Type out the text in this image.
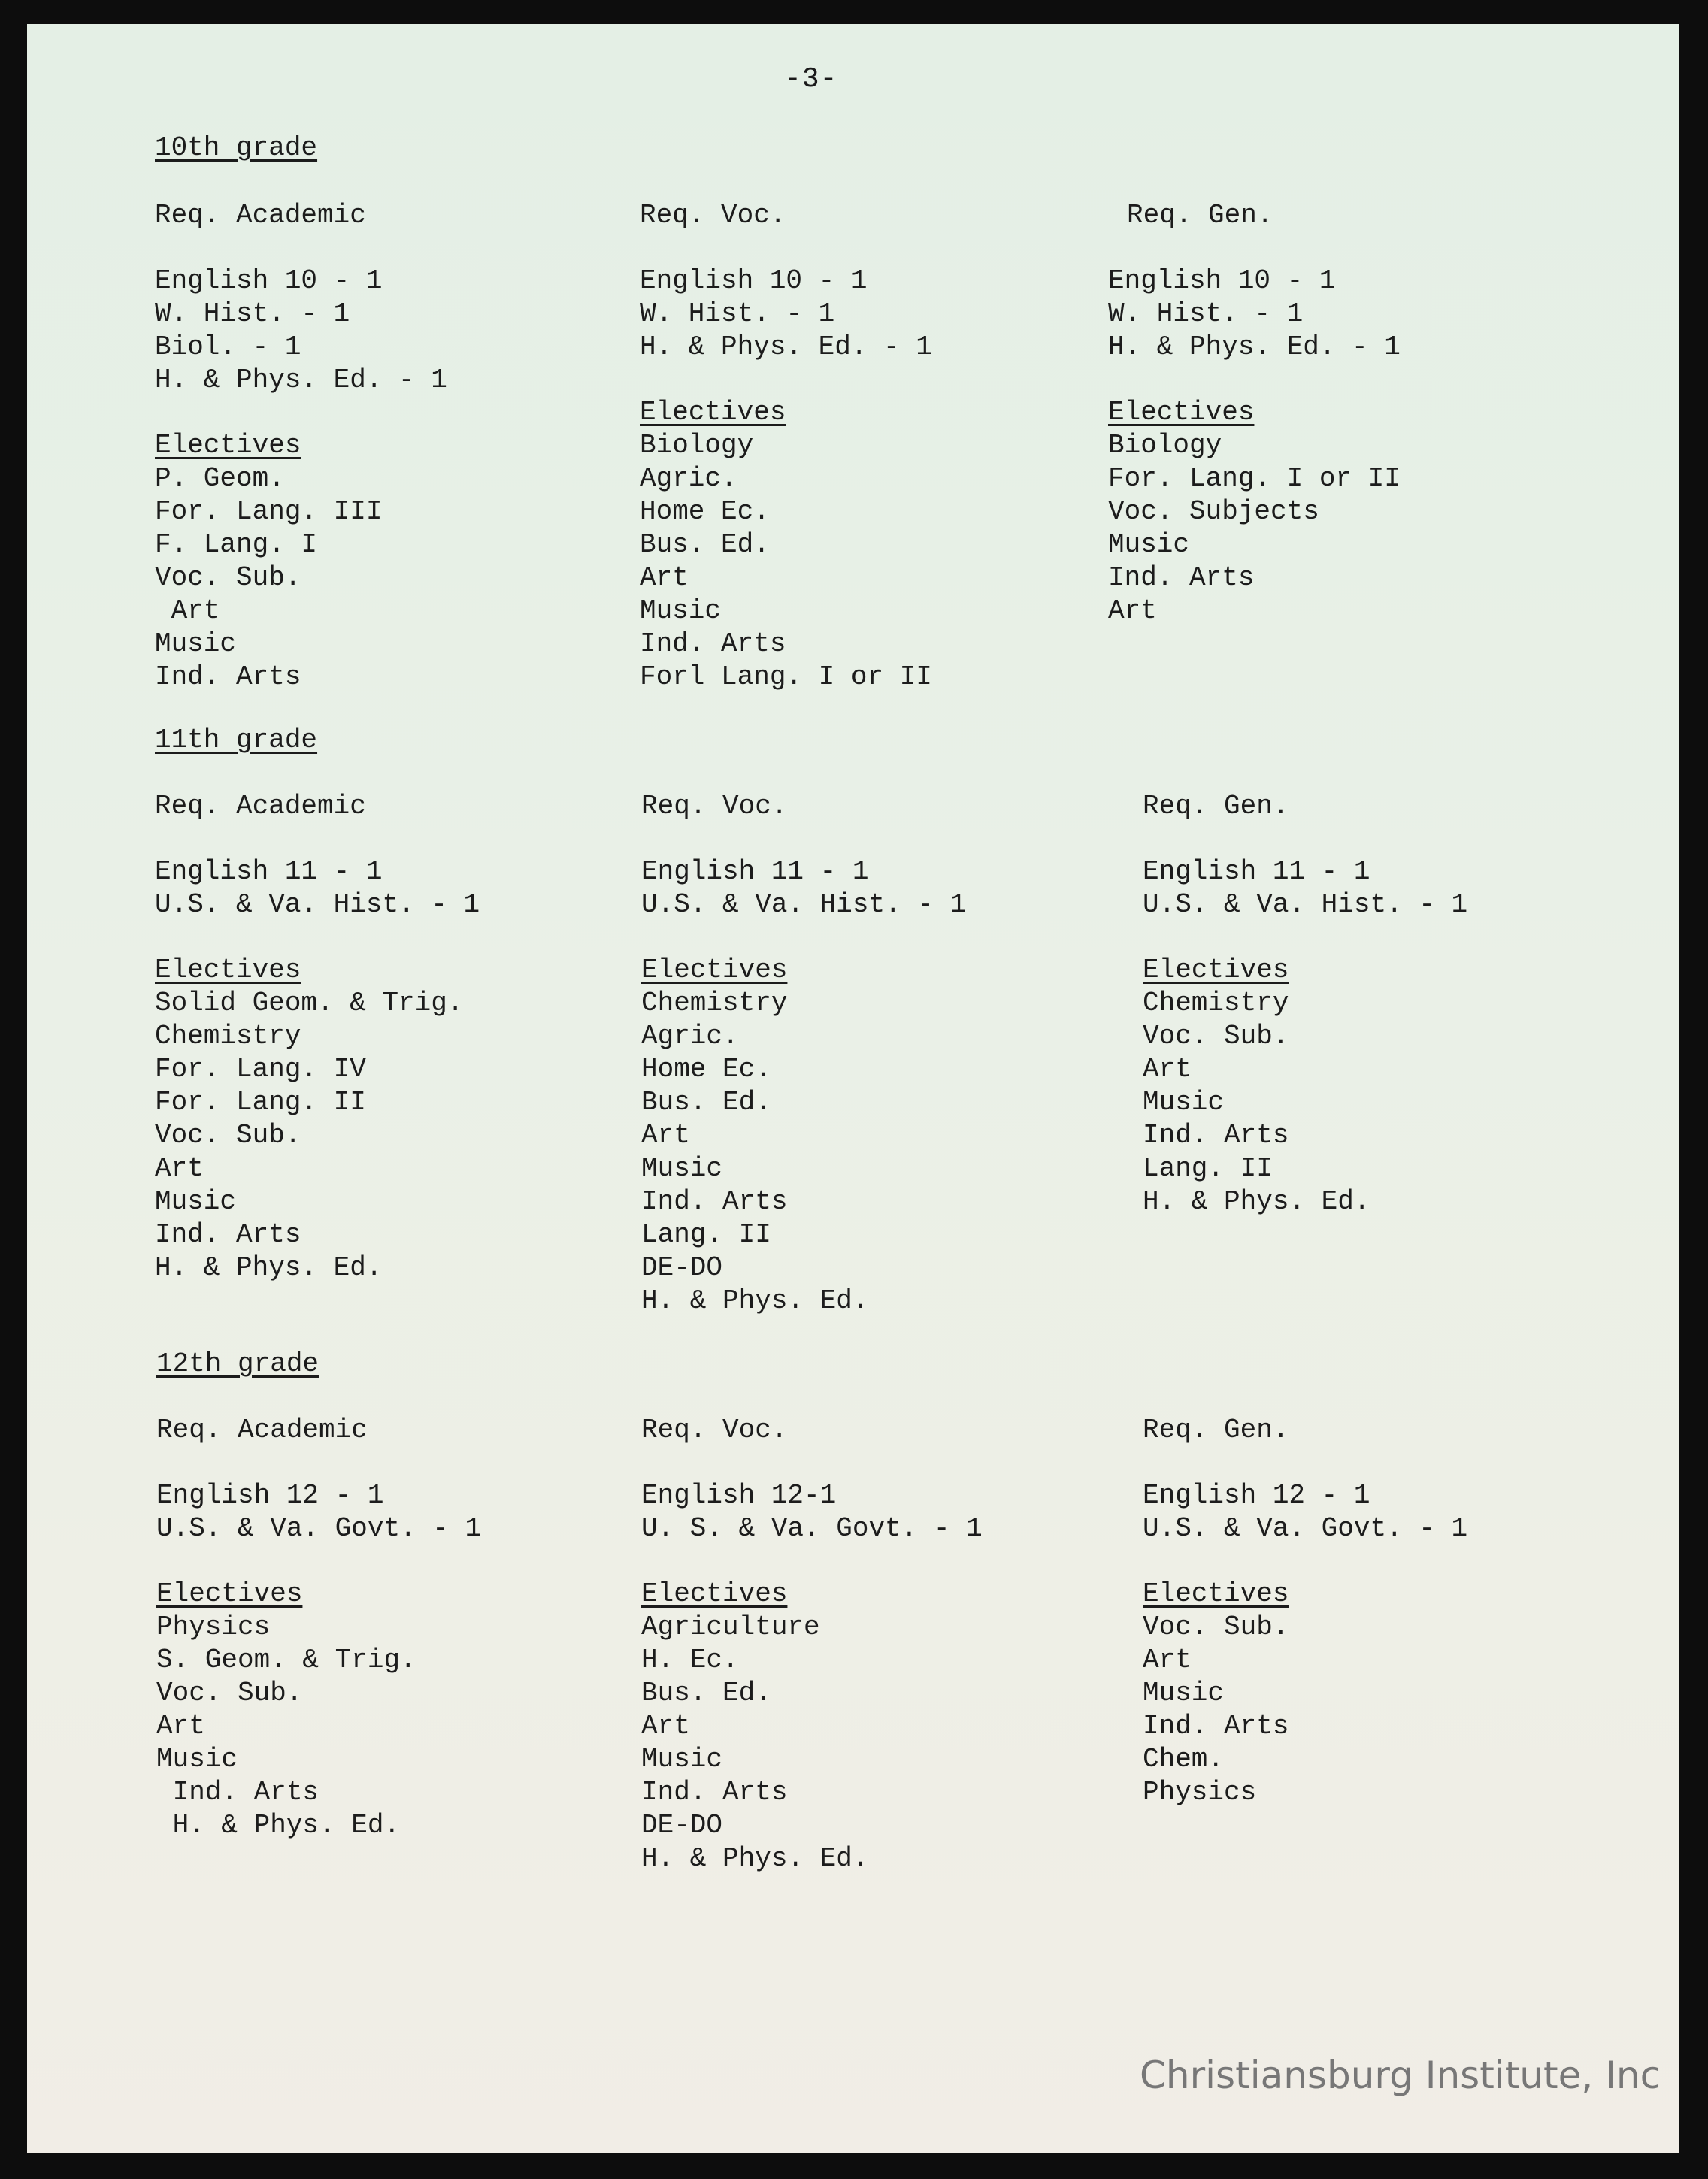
-3-
10th grade
Req. Academic
English 10 - 1
W. Hist. - 1
Biol. - 1
H. & Phys. Ed. - 1
Electives
P. Geom.
For. Lang. III
F. Lang. I
Voc. Sub.
Art
Music
Ind. Arts
Req. Voc.
English 10 - 1
W. Hist. - 1
H. & Phys. Ed. - 1
Electives
Biology
Agric.
Home Ec.
Bus. Ed.
Art
Music
Ind. Arts
Forl Lang. I or II
Req. Gen.
English 10 - 1
W. Hist. - 1
H. & Phys. Ed. - 1
Electives
Biology
For. Lang. I or II
Voc. Subjects
Music
Ind. Arts
Art
11th grade
Req. Academic
English 11 - 1
U.S. & Va. Hist. - 1
Electives
Solid Geom. & Trig.
Chemistry
For. Lang. IV
For. Lang. II
Voc. Sub.
Art
Music
Ind. Arts
H. & Phys. Ed.
Req. Voc.
English 11 - 1
U.S. & Va. Hist. - 1
Electives
Chemistry
Agric.
Home Ec.
Bus. Ed.
Art
Music
Ind. Arts
Lang. II
DE-DO
H. & Phys. Ed.
Req. Gen.
English 11 - 1
U.S. & Va. Hist. - 1
Electives
Chemistry
Voc. Sub.
Art
Music
Ind. Arts
Lang. II
H. & Phys. Ed.
12th grade
Req. Academic
English 12 - 1
U.S. & Va. Govt. - 1
Electives
Physics
S. Geom. & Trig.
Voc. Sub.
Art
Music
Ind. Arts
H. & Phys. Ed.
Req. Voc.
English 12-1
U. S. & Va. Govt. - 1
Electives
Agriculture
H. Ec.
Bus. Ed.
Art
Music
Ind. Arts
DE-DO
H. & Phys. Ed.
Req. Gen.
English 12 - 1
U.S. & Va. Govt. - 1
Electives
Voc. Sub.
Art
Music
Ind. Arts
Chem.
Physics
Christiansburg Institute, Inc
